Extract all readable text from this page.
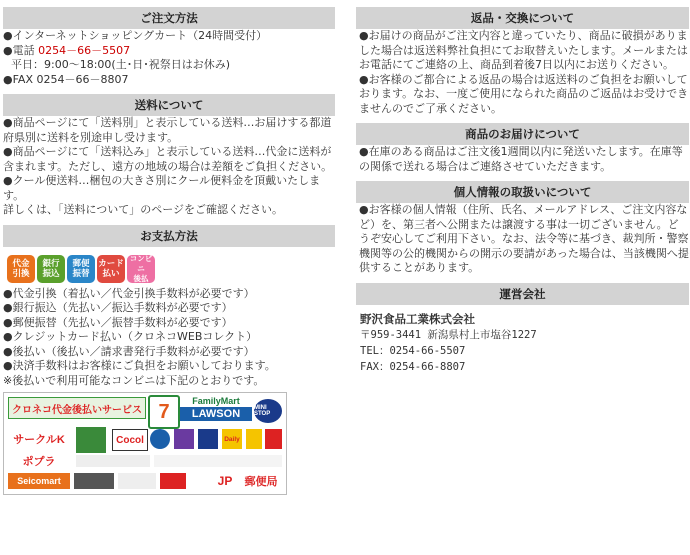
ご注文方法

●インターネットショッピングカート（24時間受付）

●電話 0254－66－5507

平日：9:00～18:00(土･日･祝祭日はお休み)

●FAX 0254－66－8807

送料について

●商品ページにて「送料別」と表示している送料…お届けする都道府県別に送料を別途申し受けます。

●商品ページにて「送料込み」と表示している送料…代金に送料が含まれます。ただし、遠方の地域の場合は差額をご負担ください。

●クール便送料…梱包の大きさ別にクール便料金を頂戴いたします。

詳しくは、「送料について」のページをご確認ください。

お支払方法
代金
引換
銀行
振込
郵便
振替
カード
払い
コンビニ
後払

●代金引換（着払い／代金引換手数料が必要です）

●銀行振込（先払い／振込手数料が必要です）

●郵便振替（先払い／振替手数料が必要です）

●クレジットカード払い（クロネコWEBコレクト）

●後払い（後払い／請求書発行手数料が必要です）

●決済手数料はお客様にご負担をお願いしております。

※後払いで利用可能なコンビニは下記のとおりです。

クロネコ代金後払いサービス 7	FamilyMart
LAWSON	MINI STOP
サークルK	Cocol	Daily
ポプラ
Seicomart	JP	郵便局
返品・交換について

●お届けの商品がご注文内容と違っていたり、商品に破損がありました場合は返送料弊社負担にてお取替えいたします。メールまたはお電話にてご連絡の上、商品到着後7日以内にお送りください。

●お客様のご都合による返品の場合は返送料のご負担をお願いしております。なお、一度ご使用になられた商品のご返品はお受けできませんのでご了承ください。

商品のお届けについて

●在庫のある商品はご注文後1週間以内に発送いたします。在庫等の関係で送れる場合はご連絡させていただきます。

個人情報の取扱いについて

●お客様の個人情報（住所、氏名、メールアドレス、ご注文内容など）を、第三者へ公開または譲渡する事は一切ございません。どうぞ安心してご利用下さい。なお、法令等に基づき、裁判所・警察機関等の公的機関からの開示の要請があった場合は、当該機関へ提供することがあります。

運営会社
野沢食品工業株式会社
〒959-3441 新潟県村上市塩谷1227
TEL：0254-66-5507
FAX：0254-66-8807
